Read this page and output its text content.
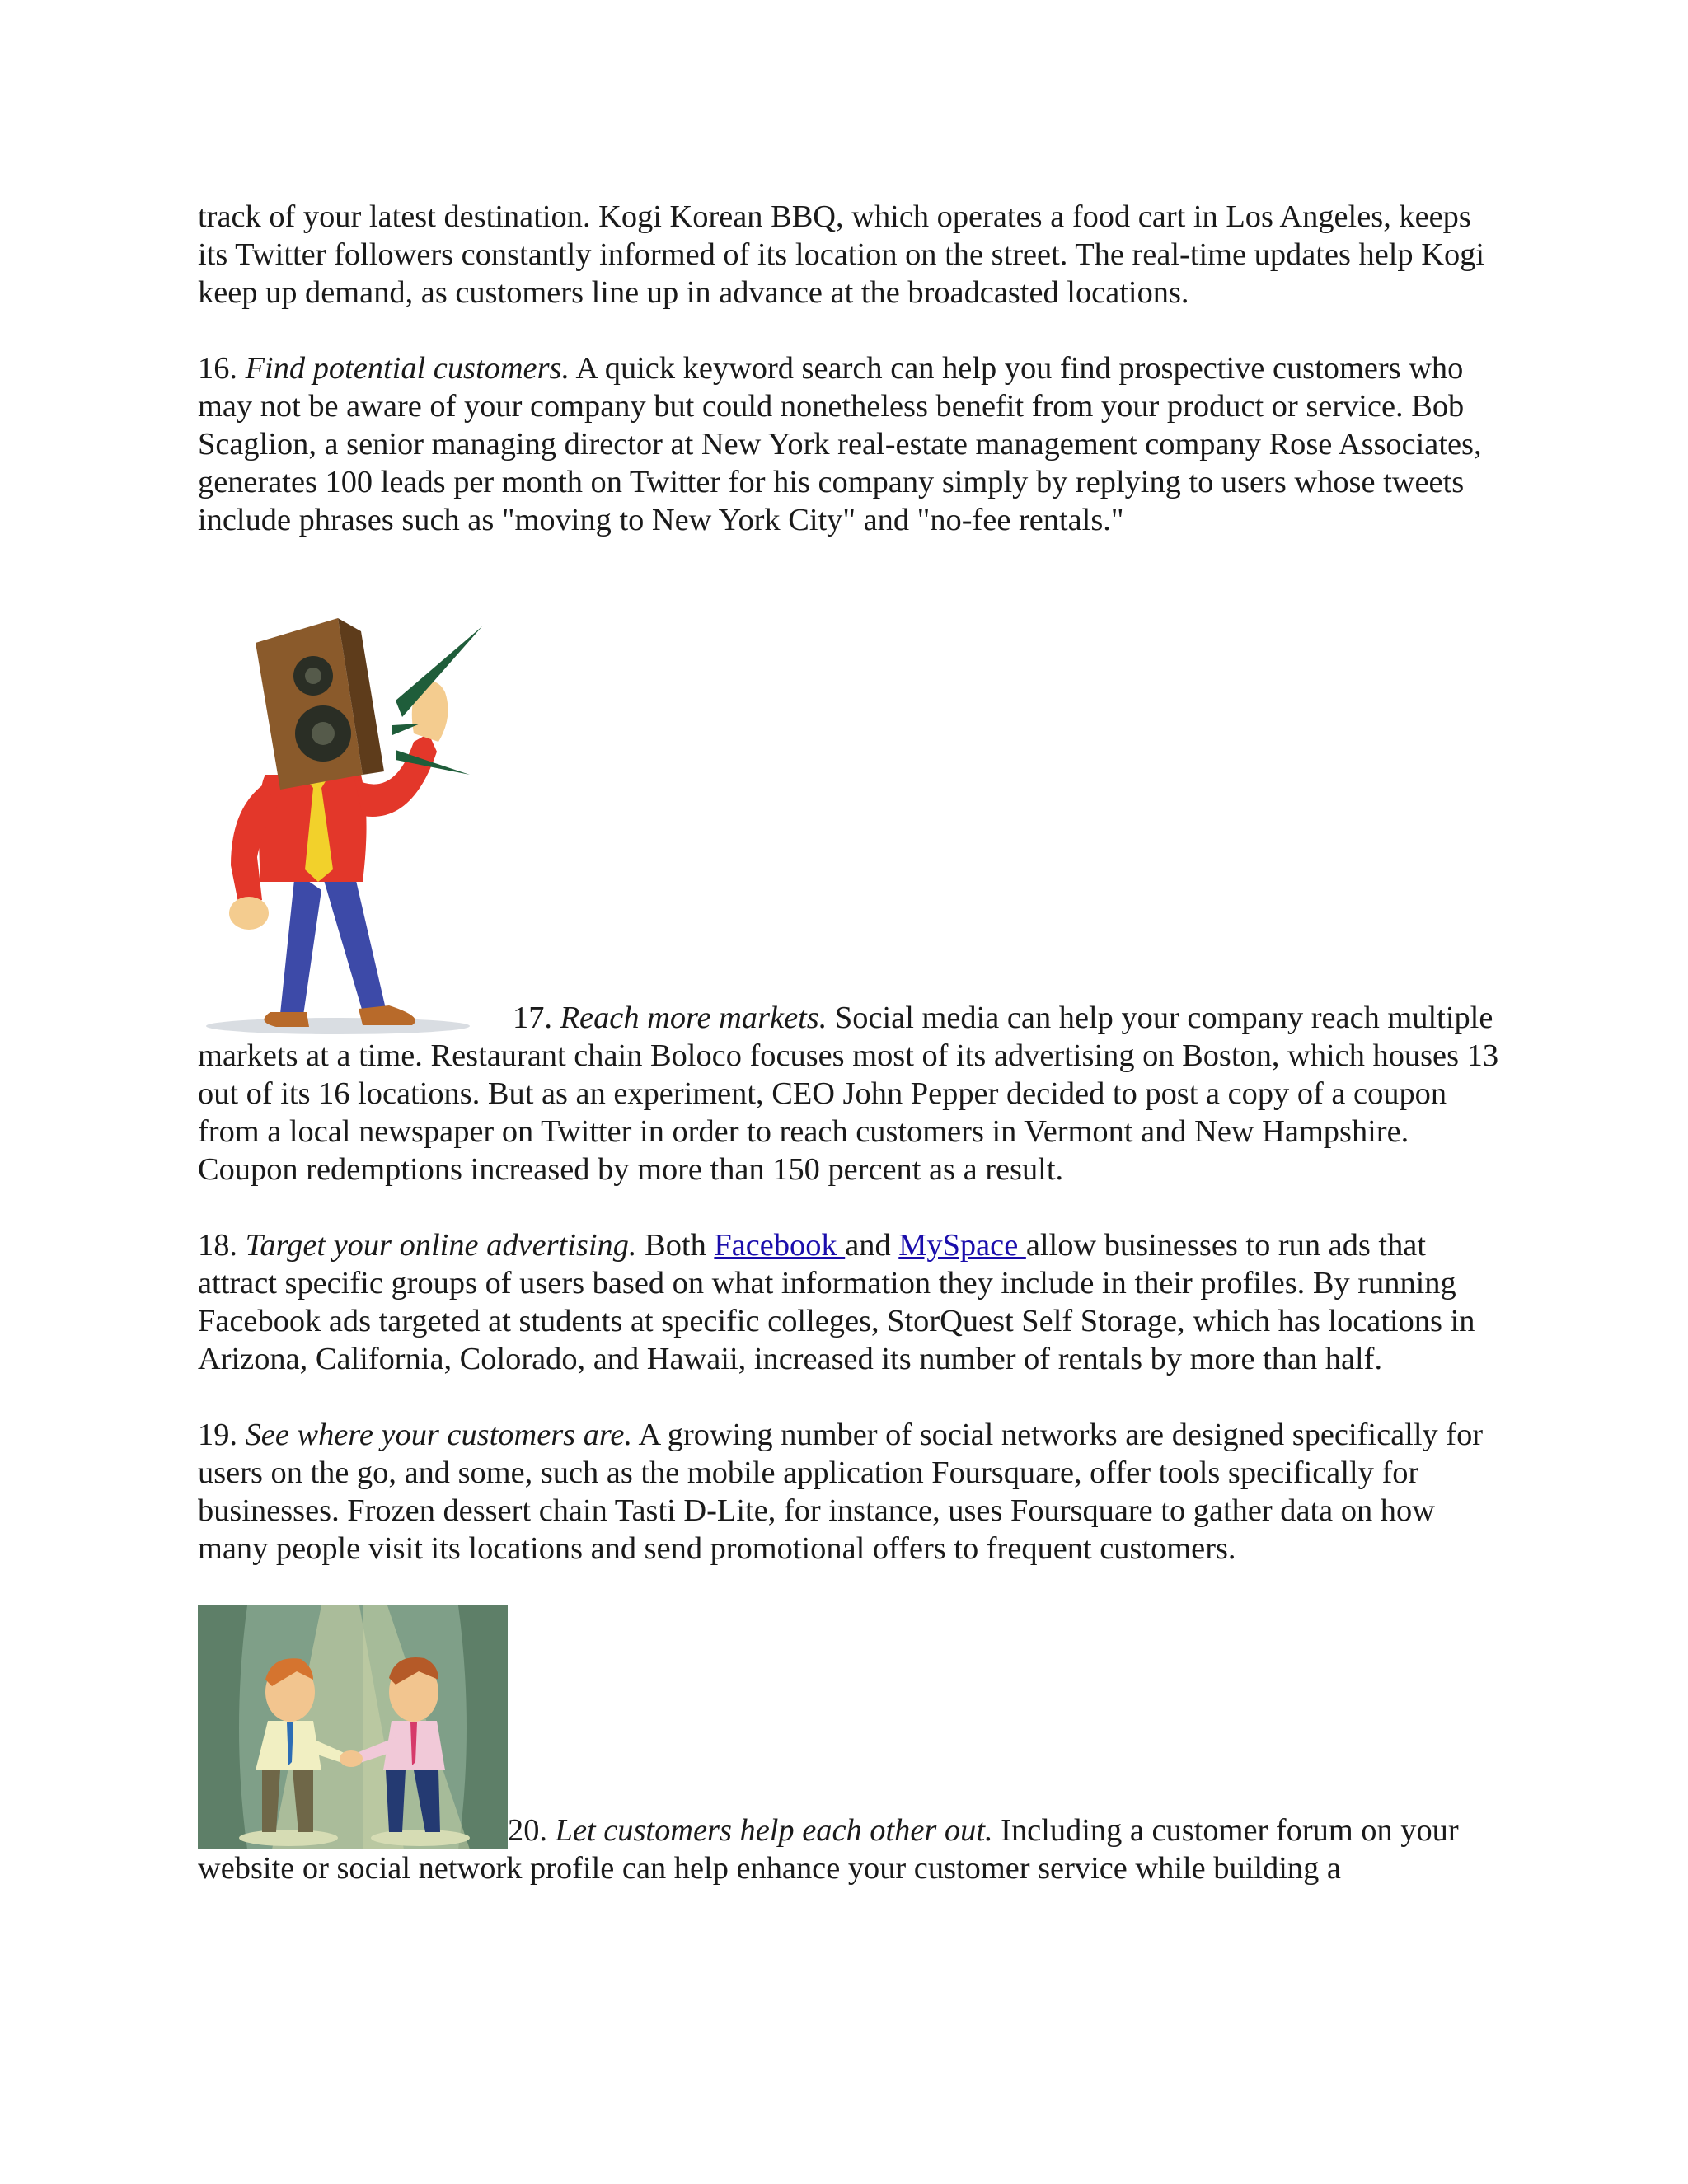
track of your latest destination. Kogi Korean BBQ, which operates a food cart in Los Angeles, keeps its Twitter followers constantly informed of its location on the street. The real-time updates help Kogi keep up demand, as customers line up in advance at the broadcasted locations.

16. Find potential customers. A quick keyword search can help you find prospective customers who may not be aware of your company but could nonetheless benefit from your product or service. Bob Scaglion, a senior managing director at New York real-estate management company Rose Associates, generates 100 leads per month on Twitter for his company simply by replying to users whose tweets include phrases such as "moving to New York City" and "no-fee rentals."

17. Reach more markets. Social media can help your company reach multiple markets at a time. Restaurant chain Boloco focuses most of its advertising on Boston, which houses 13 out of its 16 locations. But as an experiment, CEO John Pepper decided to post a copy of a coupon from a local newspaper on Twitter in order to reach customers in Vermont and New Hampshire. Coupon redemptions increased by more than 150 percent as a result.

18. Target your online advertising. Both Facebook and MySpace allow businesses to run ads that attract specific groups of users based on what information they include in their profiles. By running Facebook ads targeted at students at specific colleges, StorQuest Self Storage, which has locations in Arizona, California, Colorado, and Hawaii, increased its number of rentals by more than half.

19. See where your customers are. A growing number of social networks are designed specifically for users on the go, and some, such as the mobile application Foursquare, offer tools specifically for businesses. Frozen dessert chain Tasti D-Lite, for instance, uses Foursquare to gather data on how many people visit its locations and send promotional offers to frequent customers.

20. Let customers help each other out. Including a customer forum on your website or social network profile can help enhance your customer service while building a
